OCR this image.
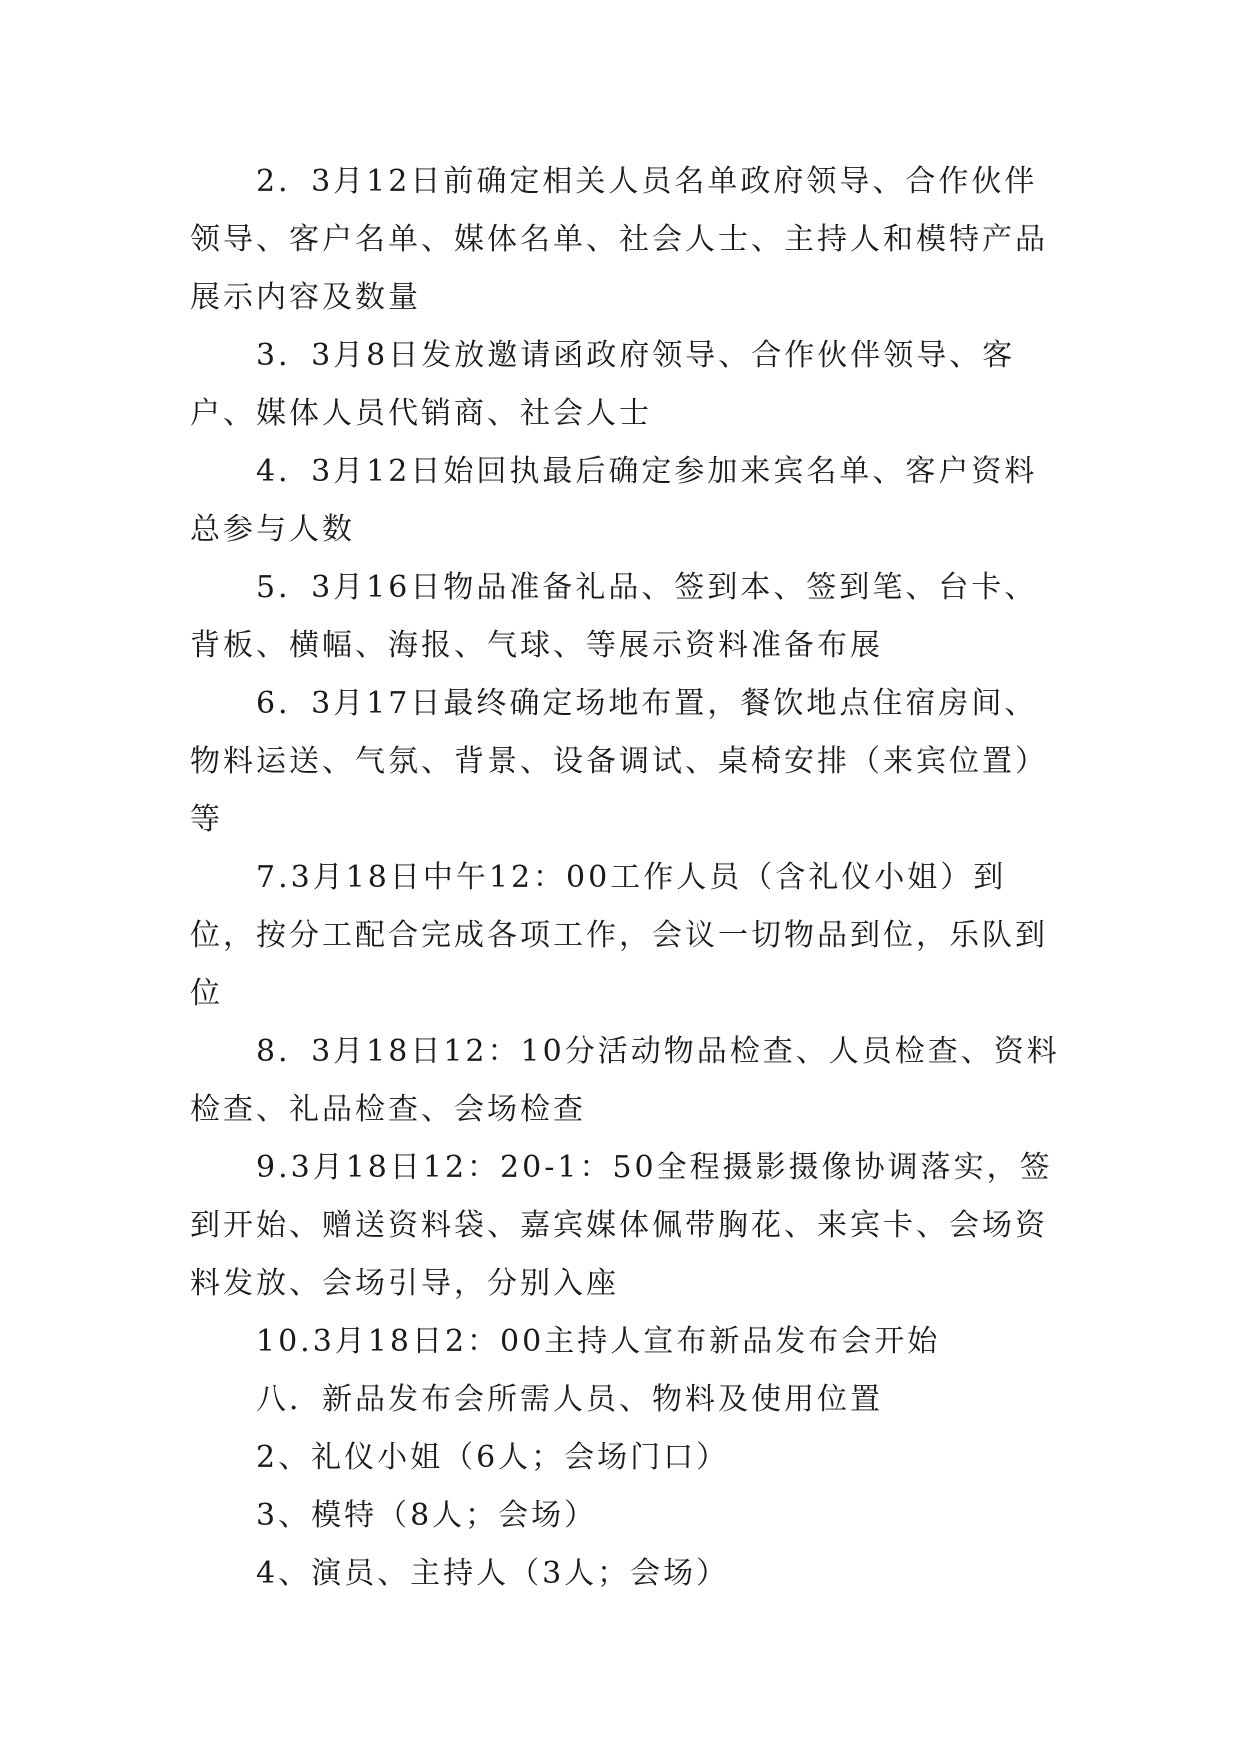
2．3月12日前确定相关人员名单政府领导、合作伙伴领导、客户名单、媒体名单、社会人士、主持人和模特产品展示内容及数量

3．3月8日发放邀请函政府领导、合作伙伴领导、客户、媒体人员代销商、社会人士

4．3月12日始回执最后确定参加来宾名单、客户资料总参与人数

5．3月16日物品准备礼品、签到本、签到笔、台卡、背板、横幅、海报、气球、等展示资料准备布展

6．3月17日最终确定场地布置，餐饮地点住宿房间、物料运送、气氛、背景、设备调试、桌椅安排（来宾位置）等

7.3月18日中午12：00工作人员（含礼仪小姐）到位，按分工配合完成各项工作，会议一切物品到位，乐队到位

8．3月18日12：10分活动物品检查、人员检查、资料检查、礼品检查、会场检查

9.3月18日12：20-1：50全程摄影摄像协调落实，签到开始、赠送资料袋、嘉宾媒体佩带胸花、来宾卡、会场资料发放、会场引导，分别入座

10.3月18日2：00主持人宣布新品发布会开始

八．新品发布会所需人员、物料及使用位置

2、礼仪小姐（6人；会场门口）

3、模特（8人；会场）

4、演员、主持人（3人；会场）
